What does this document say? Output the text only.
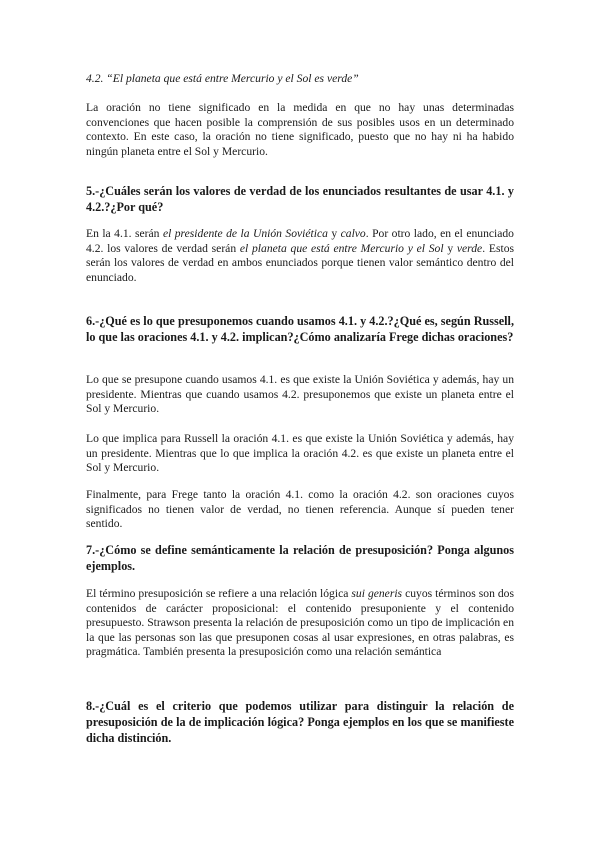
4.2. “El planeta que está entre Mercurio y el Sol es verde”

La oración no tiene significado en la medida en que no hay unas determinadas convenciones que hacen posible la comprensión de sus posibles usos en un determinado contexto. En este caso, la oración no tiene significado, puesto que no hay ni ha habido ningún planeta entre el Sol y Mercurio.

5.-¿Cuáles serán los valores de verdad de los enunciados resultantes de usar 4.1. y 4.2.?¿Por qué?

En la 4.1. serán el presidente de la Unión Soviética y calvo. Por otro lado, en el enunciado 4.2. los valores de verdad serán el planeta que está entre Mercurio y el Sol y verde. Estos serán los valores de verdad en ambos enunciados porque tienen valor semántico dentro del enunciado.

6.-¿Qué es lo que presuponemos cuando usamos 4.1. y 4.2.?¿Qué es, según Russell, lo que las oraciones 4.1. y 4.2. implican?¿Cómo analizaría Frege dichas oraciones?

Lo que se presupone cuando usamos 4.1. es que existe la Unión Soviética y además, hay un presidente. Mientras que cuando usamos 4.2. presuponemos que existe un planeta entre el Sol y Mercurio.

Lo que implica para Russell la oración 4.1. es que existe la Unión Soviética y además, hay un presidente. Mientras que lo que implica la oración 4.2. es que existe un planeta entre el Sol y Mercurio.

Finalmente, para Frege tanto la oración 4.1. como la oración 4.2. son oraciones cuyos significados no tienen valor de verdad, no tienen referencia. Aunque sí pueden tener sentido.

7.-¿Cómo se define semánticamente la relación de presuposición? Ponga algunos ejemplos.

El término presuposición se refiere a una relación lógica sui generis cuyos términos son dos contenidos de carácter proposicional: el contenido presuponiente y el contenido presupuesto. Strawson presenta la relación de presuposición como un tipo de implicación en la que las personas son las que presuponen cosas al usar expresiones, en otras palabras, es pragmática. También presenta la presuposición como una relación semántica

8.-¿Cuál es el criterio que podemos utilizar para distinguir la relación de presuposición de la de implicación lógica? Ponga ejemplos en los que se manifieste dicha distinción.
